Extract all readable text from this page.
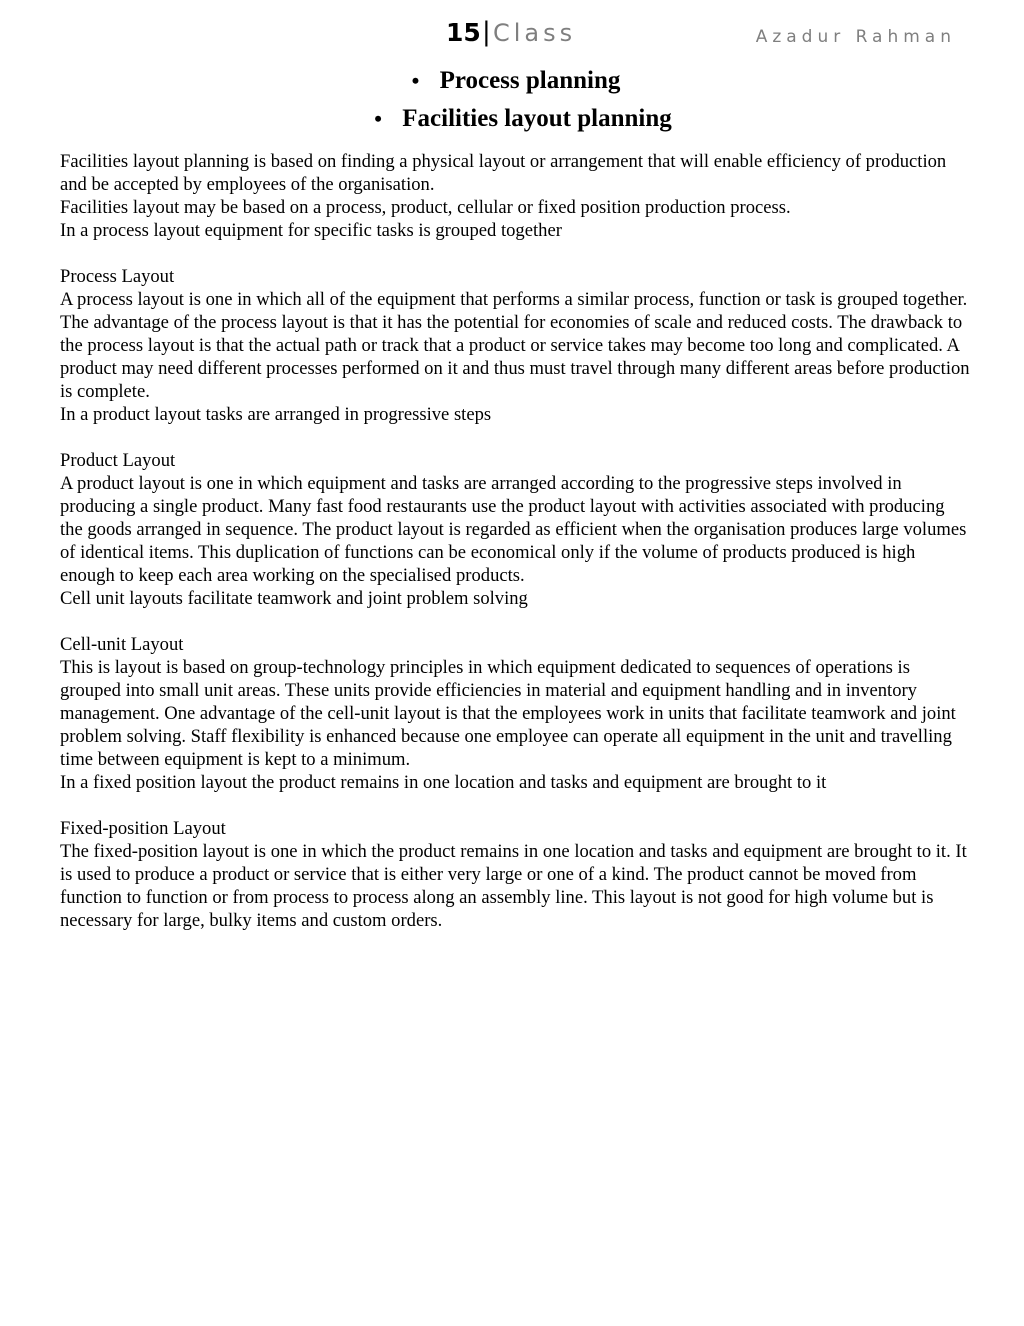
15 | Class	Azadur Rahman
• Process planning
• Facilities layout planning

Facilities layout planning is based on finding a physical layout or arrangement that will enable efficiency of production and be accepted by employees of the organisation.

Facilities layout may be based on a process, product, cellular or fixed position production process.

In a process layout equipment for specific tasks is grouped together

Process Layout

A process layout is one in which all of the equipment that performs a similar process, function or task is grouped together. The advantage of the process layout is that it has the potential for economies of scale and reduced costs. The drawback to the process layout is that the actual path or track that a product or service takes may become too long and complicated. A product may need different processes performed on it and thus must travel through many different areas before production is complete.

In a product layout tasks are arranged in progressive steps

Product Layout

A product layout is one in which equipment and tasks are arranged according to the progressive steps involved in producing a single product. Many fast food restaurants use the product layout with activities associated with producing the goods arranged in sequence. The product layout is regarded as efficient when the organisation produces large volumes of identical items. This duplication of functions can be economical only if the volume of products produced is high enough to keep each area working on the specialised products.

Cell unit layouts facilitate teamwork and joint problem solving

Cell-unit Layout

This is layout is based on group-technology principles in which equipment dedicated to sequences of operations is grouped into small unit areas. These units provide efficiencies in material and equipment handling and in inventory management. One advantage of the cell-unit layout is that the employees work in units that facilitate teamwork and joint problem solving. Staff flexibility is enhanced because one employee can operate all equipment in the unit and travelling time between equipment is kept to a minimum.

In a fixed position layout the product remains in one location and tasks and equipment are brought to it

Fixed-position Layout

The fixed-position layout is one in which the product remains in one location and tasks and equipment are brought to it. It is used to produce a product or service that is either very large or one of a kind. The product cannot be moved from function to function or from process to process along an assembly line. This layout is not good for high volume but is necessary for large, bulky items and custom orders.
